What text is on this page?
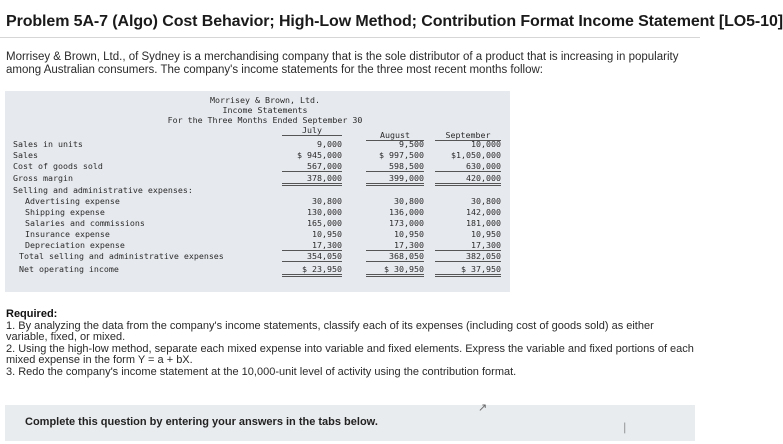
Problem 5A-7 (Algo) Cost Behavior; High-Low Method; Contribution Format Income Statement [LO5-10]
Morrisey & Brown, Ltd., of Sydney is a merchandising company that is the sole distributor of a product that is increasing in popularity among Australian consumers. The company's income statements for the three most recent months follow:
Morrisey & Brown, Ltd.
Income Statements
For the Three Months Ended September 30
July	August	September
Sales in units	9,000	9,500	10,000
Sales	$ 945,000	$ 997,500	$1,050,000
Cost of goods sold	567,000	598,500	630,000
Gross margin	378,000	399,000	420,000
Selling and administrative expenses:
Advertising expense	30,800	30,800	30,800
Shipping expense	130,000	136,000	142,000
Salaries and commissions	165,000	173,000	181,000
Insurance expense	10,950	10,950	10,950
Depreciation expense	17,300	17,300	17,300
Total selling and administrative expenses	354,050	368,050	382,050
Net operating income	$ 23,950	$ 30,950	$ 37,950
Required:
1. By analyzing the data from the company's income statements, classify each of its expenses (including cost of goods sold) as either variable, fixed, or mixed.
2. Using the high-low method, separate each mixed expense into variable and fixed elements. Express the variable and fixed portions of each mixed expense in the form Y = a + bX.
3. Redo the company's income statement at the 10,000-unit level of activity using the contribution format.
Complete this question by entering your answers in the tabs below.
↗
∣
